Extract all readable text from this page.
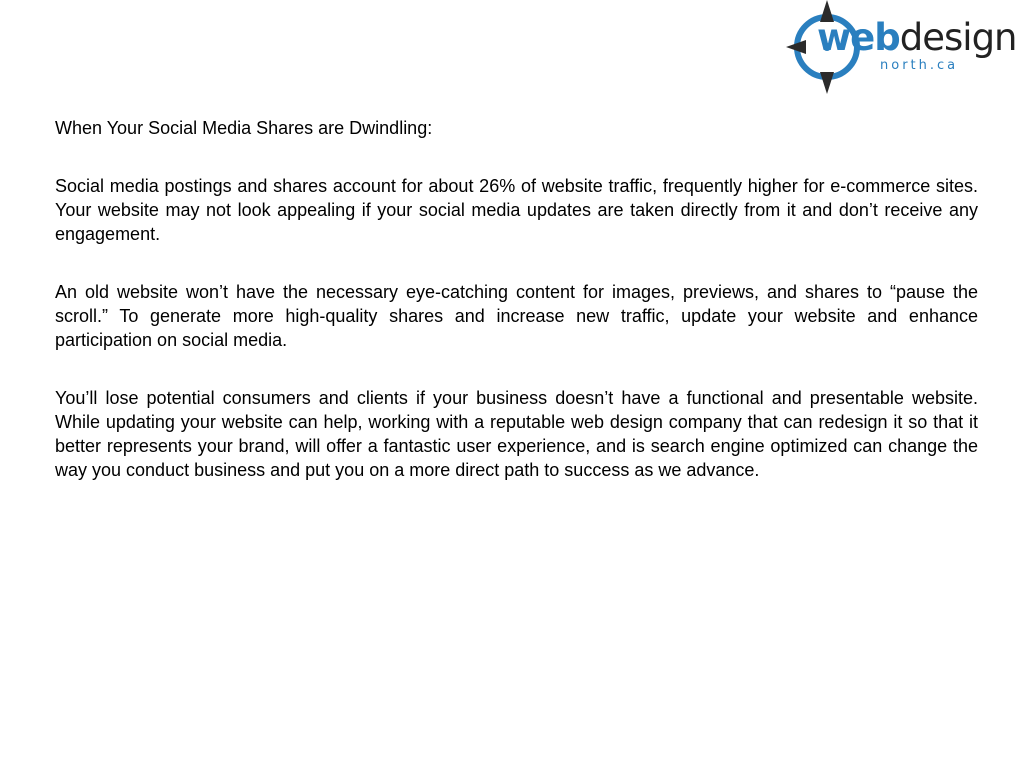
webdesign
north.ca

When Your Social Media Shares are Dwindling:

Social media postings and shares account for about 26% of website traffic, frequently higher for e-commerce sites. Your website may not look appealing if your social media updates are taken directly from it and don’t receive any engagement.

An old website won’t have the necessary eye-catching content for images, previews, and shares to “pause the scroll.” To generate more high-quality shares and increase new traffic, update your website and enhance participation on social media.

You’ll lose potential consumers and clients if your business doesn’t have a functional and presentable website. While updating your website can help, working with a reputable web design company that can redesign it so that it better represents your brand, will offer a fantastic user experience, and is search engine optimized can change the way you conduct business and put you on a more direct path to success as we advance.
